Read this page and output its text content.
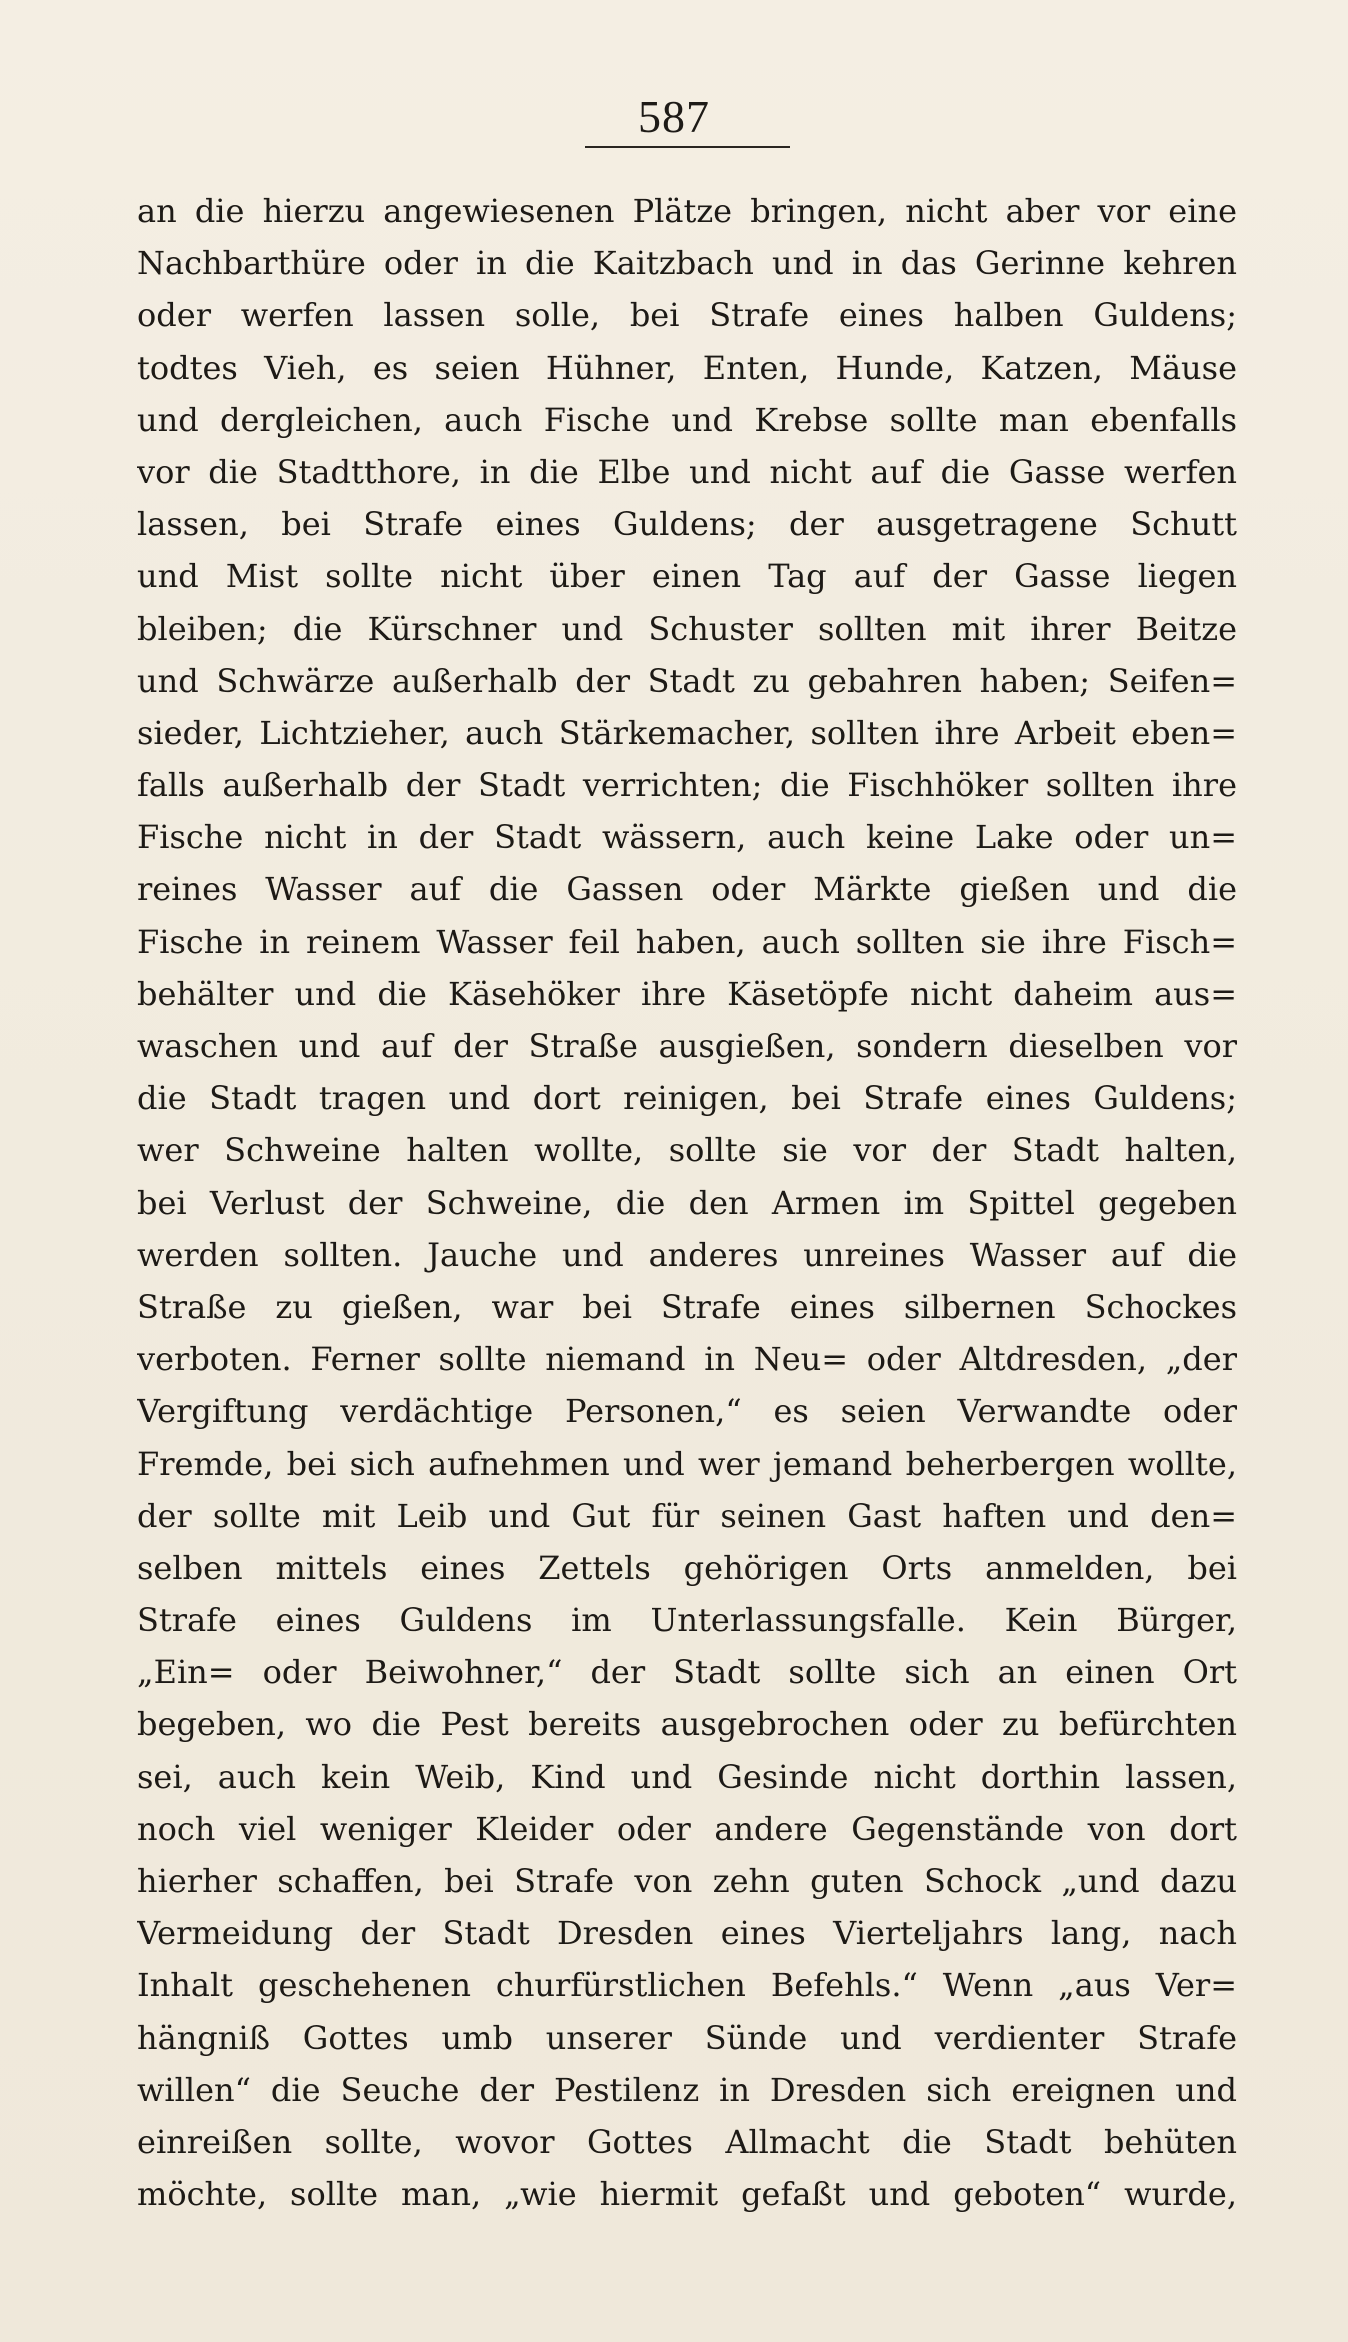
587
an die hierzu angewiesenen Plätze bringen, nicht aber vor eine
Nachbarthüre oder in die Kaitzbach und in das Gerinne kehren
oder werfen lassen solle, bei Strafe eines halben Guldens;
todtes Vieh, es seien Hühner, Enten, Hunde, Katzen, Mäuse
und dergleichen, auch Fische und Krebse sollte man ebenfalls
vor die Stadtthore, in die Elbe und nicht auf die Gasse werfen
lassen, bei Strafe eines Guldens; der ausgetragene Schutt
und Mist sollte nicht über einen Tag auf der Gasse liegen
bleiben; die Kürschner und Schuster sollten mit ihrer Beitze
und Schwärze außerhalb der Stadt zu gebahren haben; Seifen=
sieder, Lichtzieher, auch Stärkemacher, sollten ihre Arbeit eben=
falls außerhalb der Stadt verrichten; die Fischhöker sollten ihre
Fische nicht in der Stadt wässern, auch keine Lake oder un=
reines Wasser auf die Gassen oder Märkte gießen und die
Fische in reinem Wasser feil haben, auch sollten sie ihre Fisch=
behälter und die Käsehöker ihre Käsetöpfe nicht daheim aus=
waschen und auf der Straße ausgießen, sondern dieselben vor
die Stadt tragen und dort reinigen, bei Strafe eines Guldens;
wer Schweine halten wollte, sollte sie vor der Stadt halten,
bei Verlust der Schweine, die den Armen im Spittel gegeben
werden sollten. Jauche und anderes unreines Wasser auf die
Straße zu gießen, war bei Strafe eines silbernen Schockes
verboten. Ferner sollte niemand in Neu= oder Altdresden, „der
Vergiftung verdächtige Personen,“ es seien Verwandte oder
Fremde, bei sich aufnehmen und wer jemand beherbergen wollte,
der sollte mit Leib und Gut für seinen Gast haften und den=
selben mittels eines Zettels gehörigen Orts anmelden, bei
Strafe eines Guldens im Unterlassungsfalle. Kein Bürger,
„Ein= oder Beiwohner,“ der Stadt sollte sich an einen Ort
begeben, wo die Pest bereits ausgebrochen oder zu befürchten
sei, auch kein Weib, Kind und Gesinde nicht dorthin lassen,
noch viel weniger Kleider oder andere Gegenstände von dort
hierher schaffen, bei Strafe von zehn guten Schock „und dazu
Vermeidung der Stadt Dresden eines Vierteljahrs lang, nach
Inhalt geschehenen churfürstlichen Befehls.“ Wenn „aus Ver=
hängniß Gottes umb unserer Sünde und verdienter Strafe
willen“ die Seuche der Pestilenz in Dresden sich ereignen und
einreißen sollte, wovor Gottes Allmacht die Stadt behüten
möchte, sollte man, „wie hiermit gefaßt und geboten“ wurde,
